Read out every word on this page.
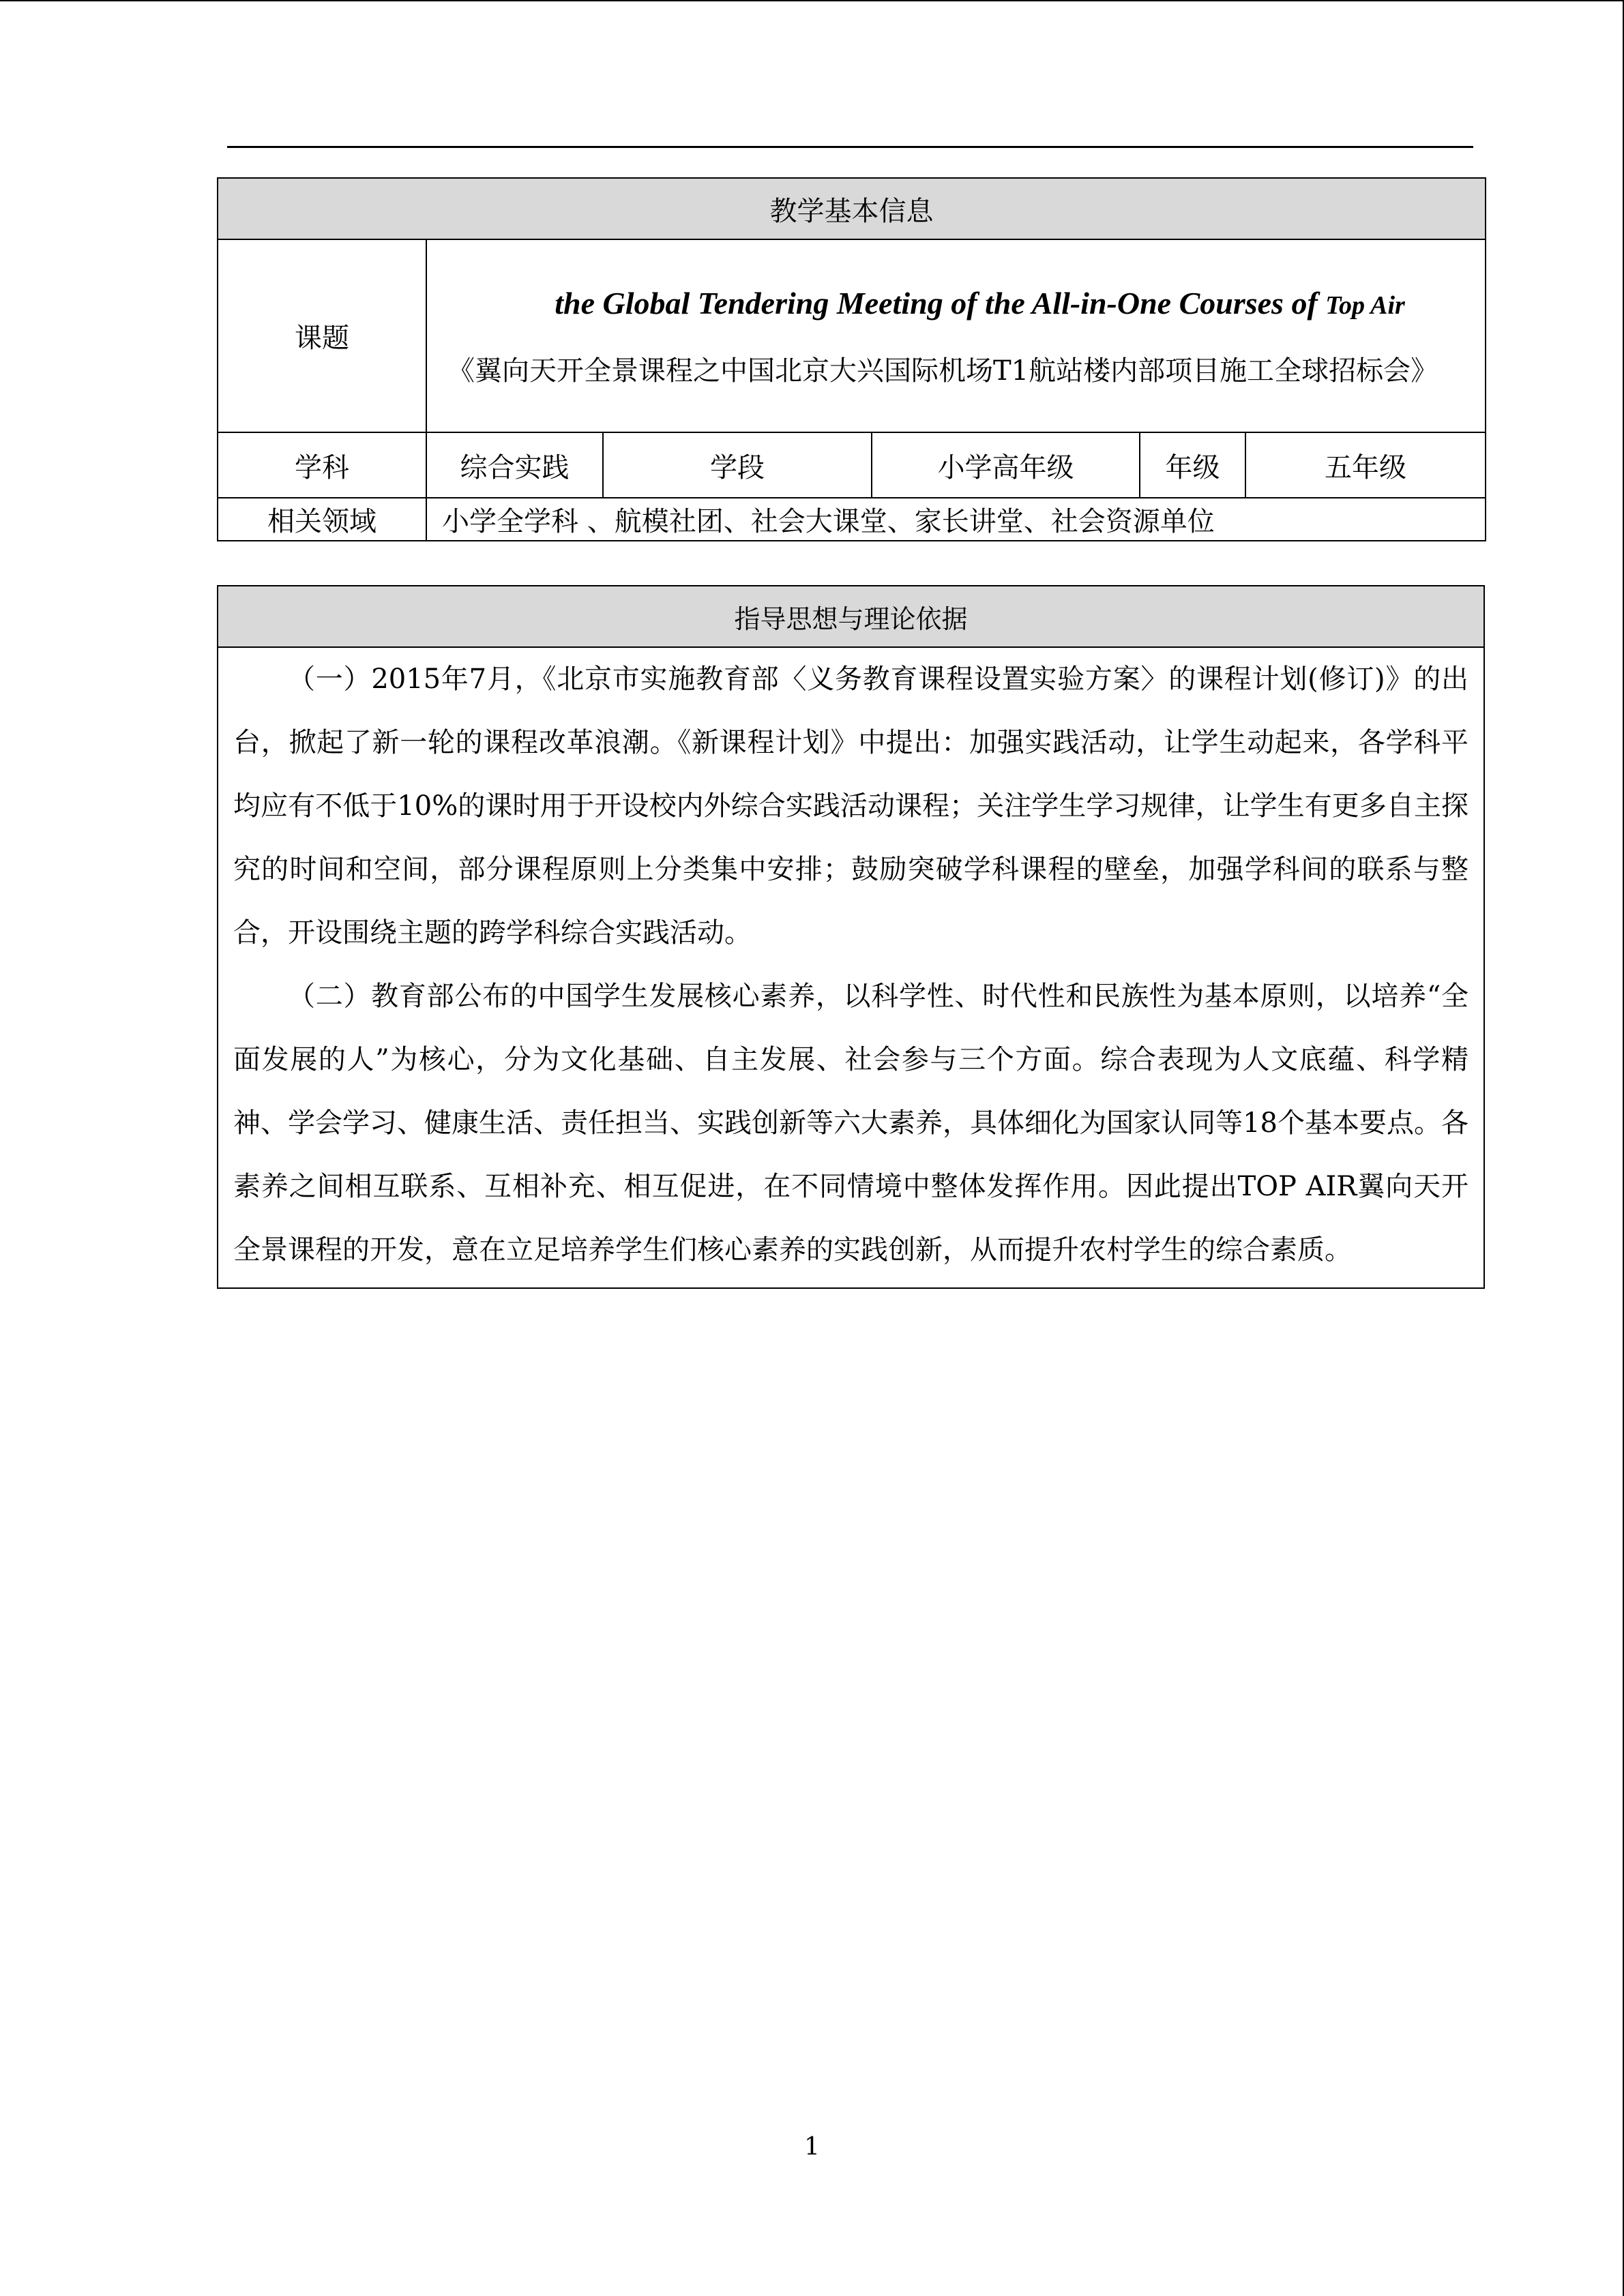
教学基本信息					
课题	the Global Tendering Meeting of the All-in-One Courses of Top Air
《翼向天开全景课程之中国北京大兴国际机场T1航站楼内部项目施工全球招标会》				

学科	综合实践	学段	小学高年级	年级	五年级
相关领域	小学全学科 、航模社团、社会大课堂、家长讲堂、社会资源单位				
指导思想与理论依据

（一）2015年7月，《北京市实施教育部〈义务教育课程设置实验方案〉的课程计划(修订)》的出台，掀起了新一轮的课程改革浪潮。《新课程计划》中提出：加强实践活动，让学生动起来，各学科平均应有不低于10%的课时用于开设校内外综合实践活动课程；关注学生学习规律，让学生有更多自主探究的时间和空间，部分课程原则上分类集中安排；鼓励突破学科课程的壁垒，加强学科间的联系与整合，开设围绕主题的跨学科综合实践活动。

（二）教育部公布的中国学生发展核心素养，以科学性、时代性和民族性为基本原则，以培养“全面发展的人”为核心，分为文化基础、自主发展、社会参与三个方面。综合表现为人文底蕴、科学精神、学会学习、健康生活、责任担当、实践创新等六大素养，具体细化为国家认同等18个基本要点。各素养之间相互联系、互相补充、相互促进，在不同情境中整体发挥作用。因此提出TOP AIR翼向天开全景课程的开发，意在立足培养学生们核心素养的实践创新，从而提升农村学生的综合素质。

1
